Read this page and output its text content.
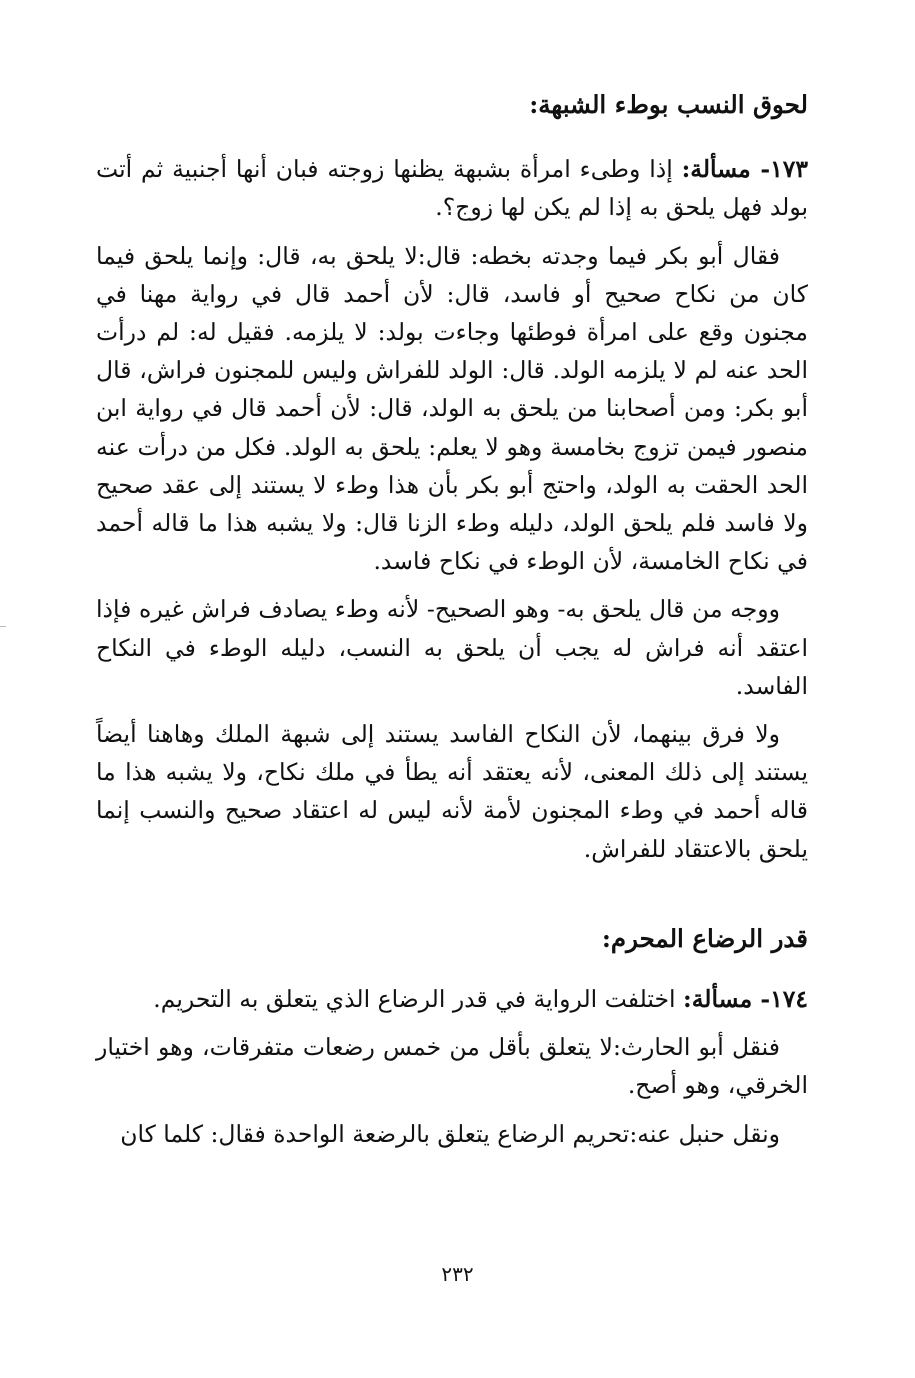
لحوق النسب بوطء الشبهة:

١٧٣- مسألة: إذا وطىء امرأة بشبهة يظنها زوجته فبان أنها أجنبية ثم أتت بولد فهل يلحق به إذا لم يكن لها زوج؟.

فقال أبو بكر فيما وجدته بخطه: قال:لا يلحق به، قال: وإنما يلحق فيما كان من نكاح صحيح أو فاسد، قال: لأن أحمد قال في رواية مهنا في مجنون وقع على امرأة فوطئها وجاءت بولد: لا يلزمه. فقيل له: لم درأت الحد عنه لم لا يلزمه الولد. قال: الولد للفراش وليس للمجنون فراش، قال أبو بكر: ومن أصحابنا من يلحق به الولد، قال: لأن أحمد قال في رواية ابن منصور فيمن تزوج بخامسة وهو لا يعلم: يلحق به الولد. فكل من درأت عنه الحد الحقت به الولد، واحتج أبو بكر بأن هذا وطء لا يستند إلى عقد صحيح ولا فاسد فلم يلحق الولد، دليله وطء الزنا قال: ولا يشبه هذا ما قاله أحمد في نكاح الخامسة، لأن الوطء في نكاح فاسد.

ووجه من قال يلحق به- وهو الصحيح- لأنه وطء يصادف فراش غيره فإذا اعتقد أنه فراش له يجب أن يلحق به النسب، دليله الوطء في النكاح الفاسد.

ولا فرق بينهما، لأن النكاح الفاسد يستند إلى شبهة الملك وهاهنا أيضاً يستند إلى ذلك المعنى، لأنه يعتقد أنه يطأ في ملك نكاح، ولا يشبه هذا ما قاله أحمد في وطء المجنون لأمة لأنه ليس له اعتقاد صحيح والنسب إنما يلحق بالاعتقاد للفراش.

قدر الرضاع المحرم:

١٧٤- مسألة: اختلفت الرواية في قدر الرضاع الذي يتعلق به التحريم.

فنقل أبو الحارث:لا يتعلق بأقل من خمس رضعات متفرقات، وهو اختيار الخرقي، وهو أصح.

ونقل حنبل عنه:تحريم الرضاع يتعلق بالرضعة الواحدة فقال: كلما كان

٢٣٢
